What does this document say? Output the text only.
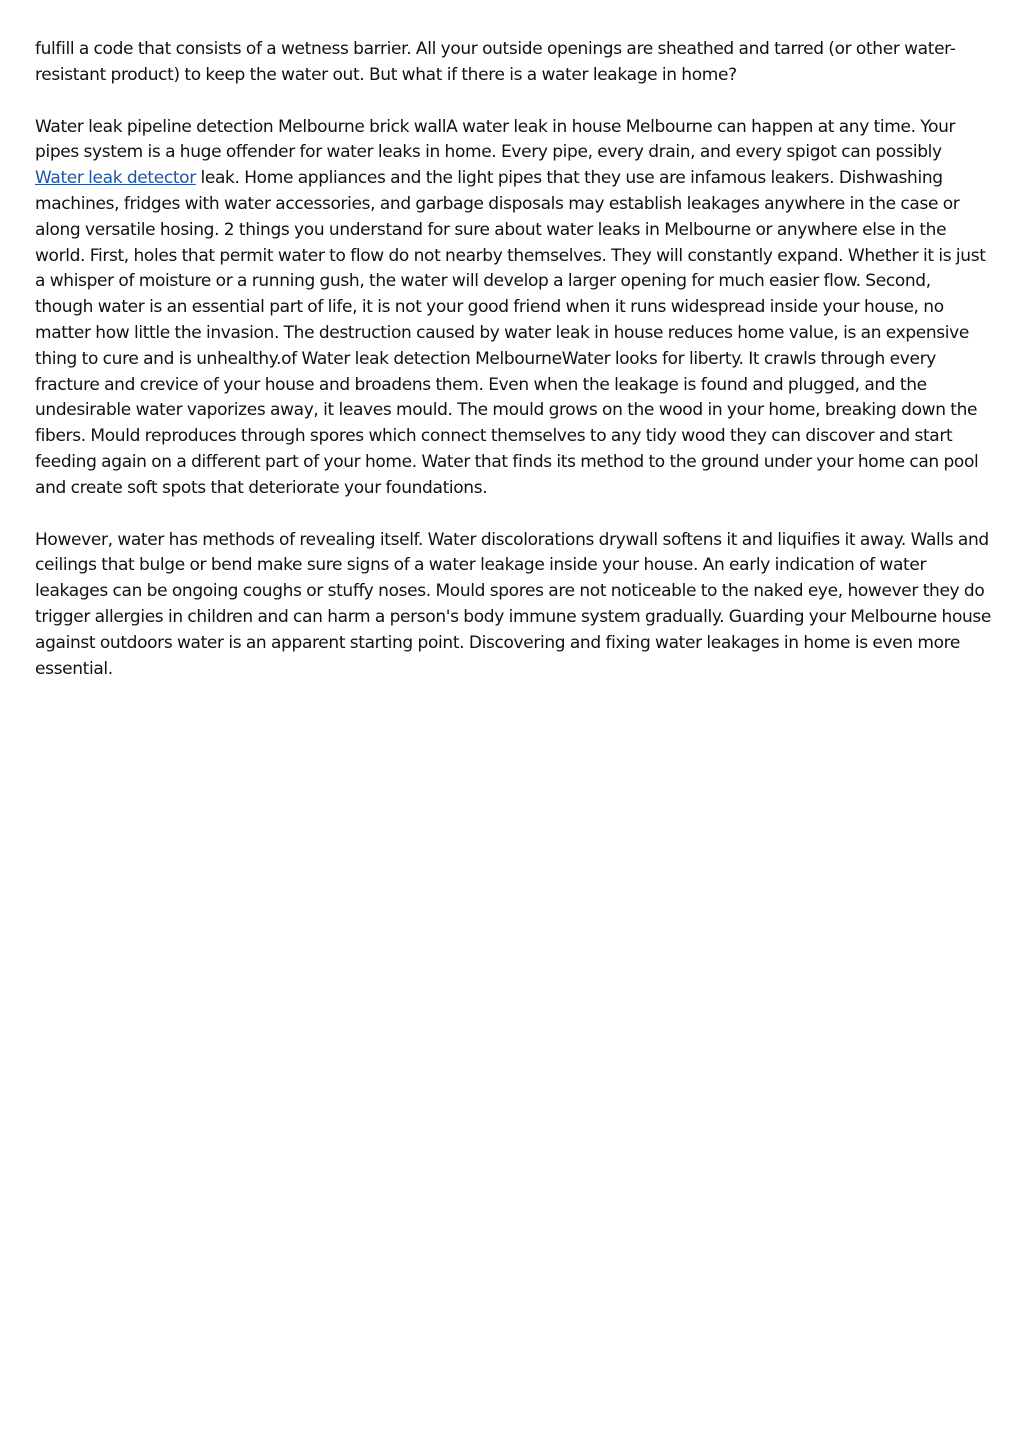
fulfill a code that consists of a wetness barrier. All your outside openings are sheathed and tarred (or other water-resistant product) to keep the water out. But what if there is a water leakage in home?

Water leak pipeline detection Melbourne brick wallA water leak in house Melbourne can happen at any time. Your pipes system is a huge offender for water leaks in home. Every pipe, every drain, and every spigot can possibly Water leak detector leak. Home appliances and the light pipes that they use are infamous leakers. Dishwashing machines, fridges with water accessories, and garbage disposals may establish leakages anywhere in the case or along versatile hosing. 2 things you understand for sure about water leaks in Melbourne or anywhere else in the world. First, holes that permit water to flow do not nearby themselves. They will constantly expand. Whether it is just a whisper of moisture or a running gush, the water will develop a larger opening for much easier flow. Second, though water is an essential part of life, it is not your good friend when it runs widespread inside your house, no matter how little the invasion. The destruction caused by water leak in house reduces home value, is an expensive thing to cure and is unhealthy.of Water leak detection MelbourneWater looks for liberty. It crawls through every fracture and crevice of your house and broadens them. Even when the leakage is found and plugged, and the undesirable water vaporizes away, it leaves mould. The mould grows on the wood in your home, breaking down the fibers. Mould reproduces through spores which connect themselves to any tidy wood they can discover and start feeding again on a different part of your home. Water that finds its method to the ground under your home can pool and create soft spots that deteriorate your foundations.

However, water has methods of revealing itself. Water discolorations drywall softens it and liquifies it away. Walls and ceilings that bulge or bend make sure signs of a water leakage inside your house. An early indication of water leakages can be ongoing coughs or stuffy noses. Mould spores are not noticeable to the naked eye, however they do trigger allergies in children and can harm a person's body immune system gradually. Guarding your Melbourne house against outdoors water is an apparent starting point. Discovering and fixing water leakages in home is even more essential.
